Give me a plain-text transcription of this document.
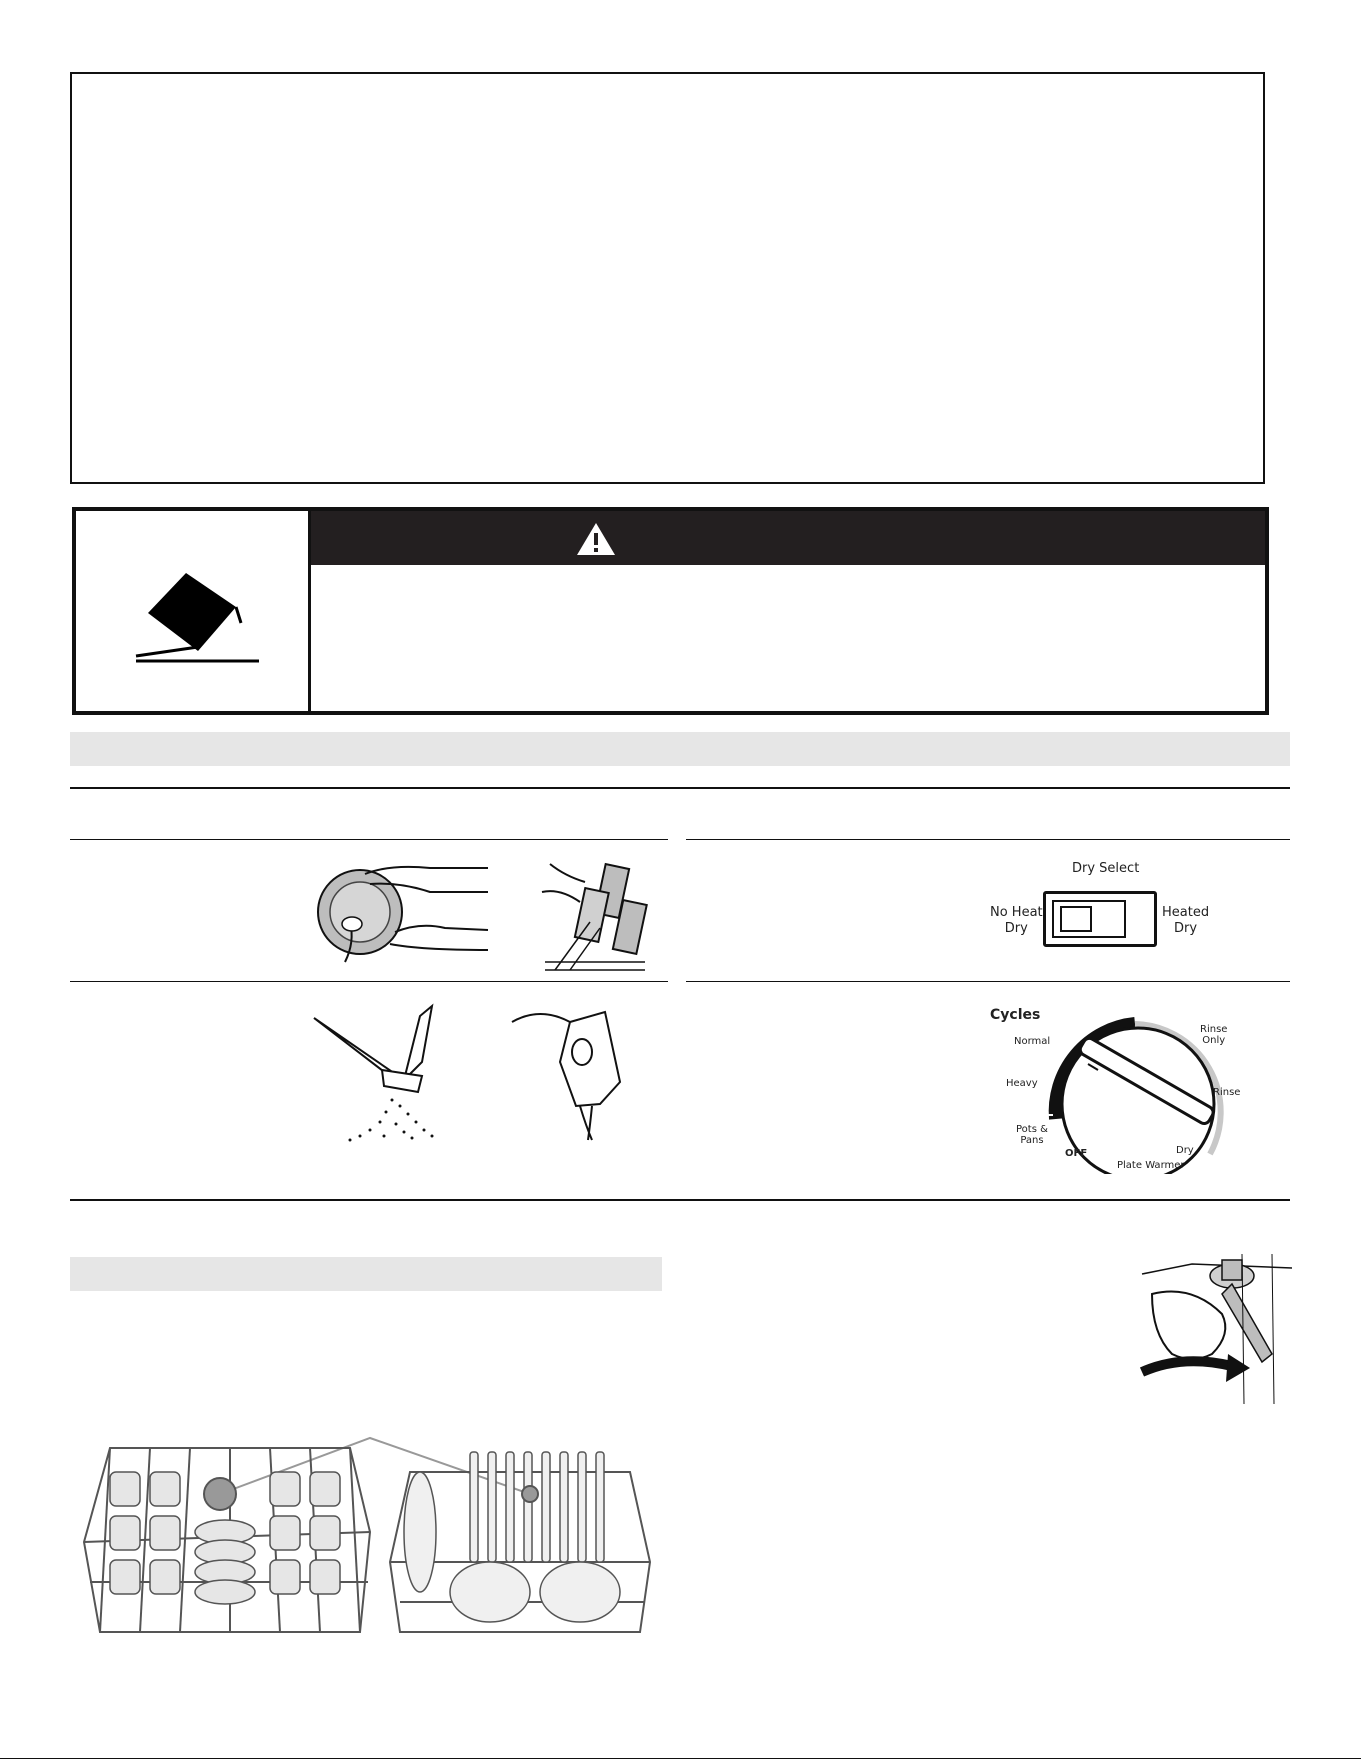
Dry Select
No Heat
Dry
Heated
Dry
Cycles
Normal
Heavy
Pots &
Pans
OFF
Plate Warmer
Dry
Rinse
Rinse
Only
